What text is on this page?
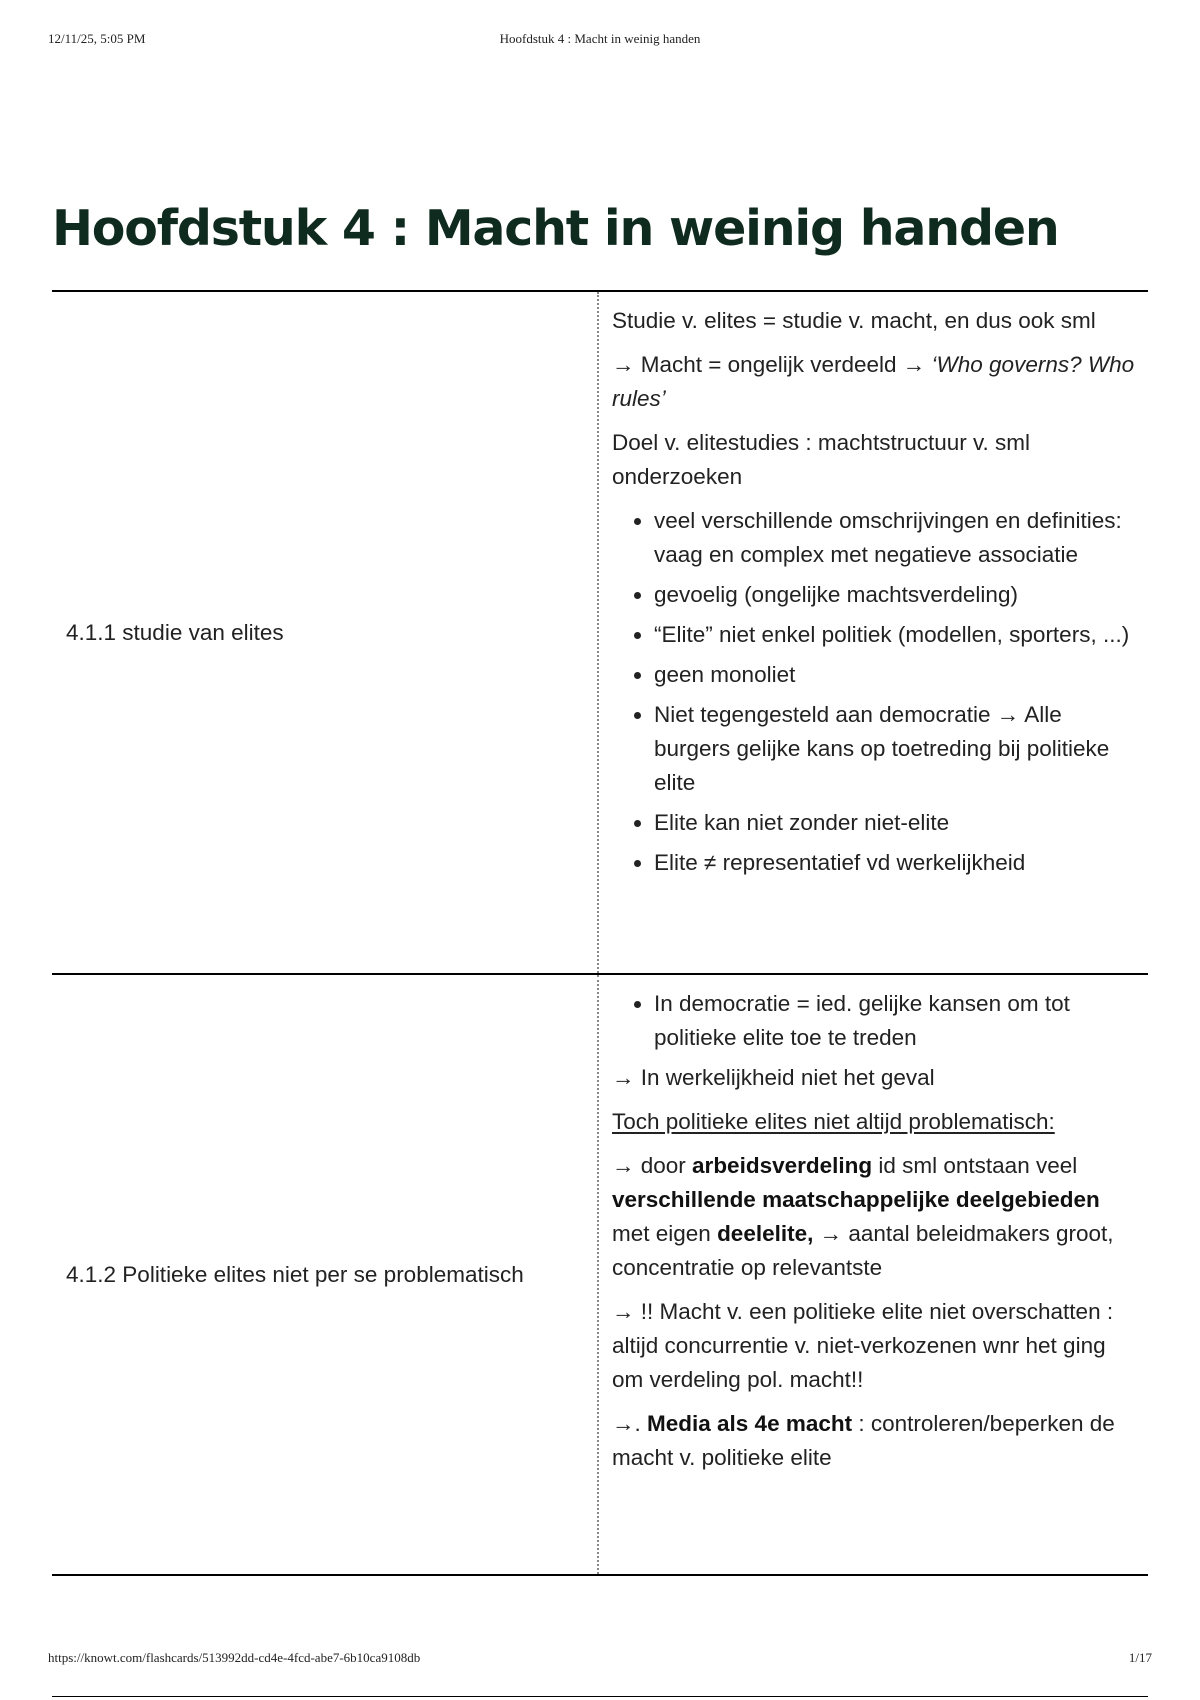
12/11/25, 5:05 PM	Hoofdstuk 4 : Macht in weinig handen
Hoofdstuk 4 : Macht in weinig handen
4.1.1 studie van elites

Studie v. elites = studie v. macht, en dus ook sml

→ Macht = ongelijk verdeeld → ‘Who governs? Who rules’

Doel v. elitestudies : machtstructuur v. sml onderzoeken

• veel verschillende omschrijvingen en definities: vaag en complex met negatieve associatie
• gevoelig (ongelijke machtsverdeling)
• “Elite” niet enkel politiek (modellen, sporters, ...)
• geen monoliet
• Niet tegengesteld aan democratie → Alle burgers gelijke kans op toetreding bij politieke elite
• Elite kan niet zonder niet-elite
• Elite ≠ representatief vd werkelijkheid
4.1.2 Politieke elites niet per se problematisch
• In democratie = ied. gelijke kansen om tot politieke elite toe te treden

→ In werkelijkheid niet het geval

Toch politieke elites niet altijd problematisch:

→ door arbeidsverdeling id sml ontstaan veel verschillende maatschappelijke deelgebieden met eigen deelelite, → aantal beleidmakers groot, concentratie op relevantste

→ !! Macht v. een politieke elite niet overschatten : altijd concurrentie v. niet-verkozenen wnr het ging om verdeling pol. macht!!

→. Media als 4e macht : controleren/beperken de macht v. politieke elite

https://knowt.com/flashcards/513992dd-cd4e-4fcd-abe7-6b10ca9108db	1/17
